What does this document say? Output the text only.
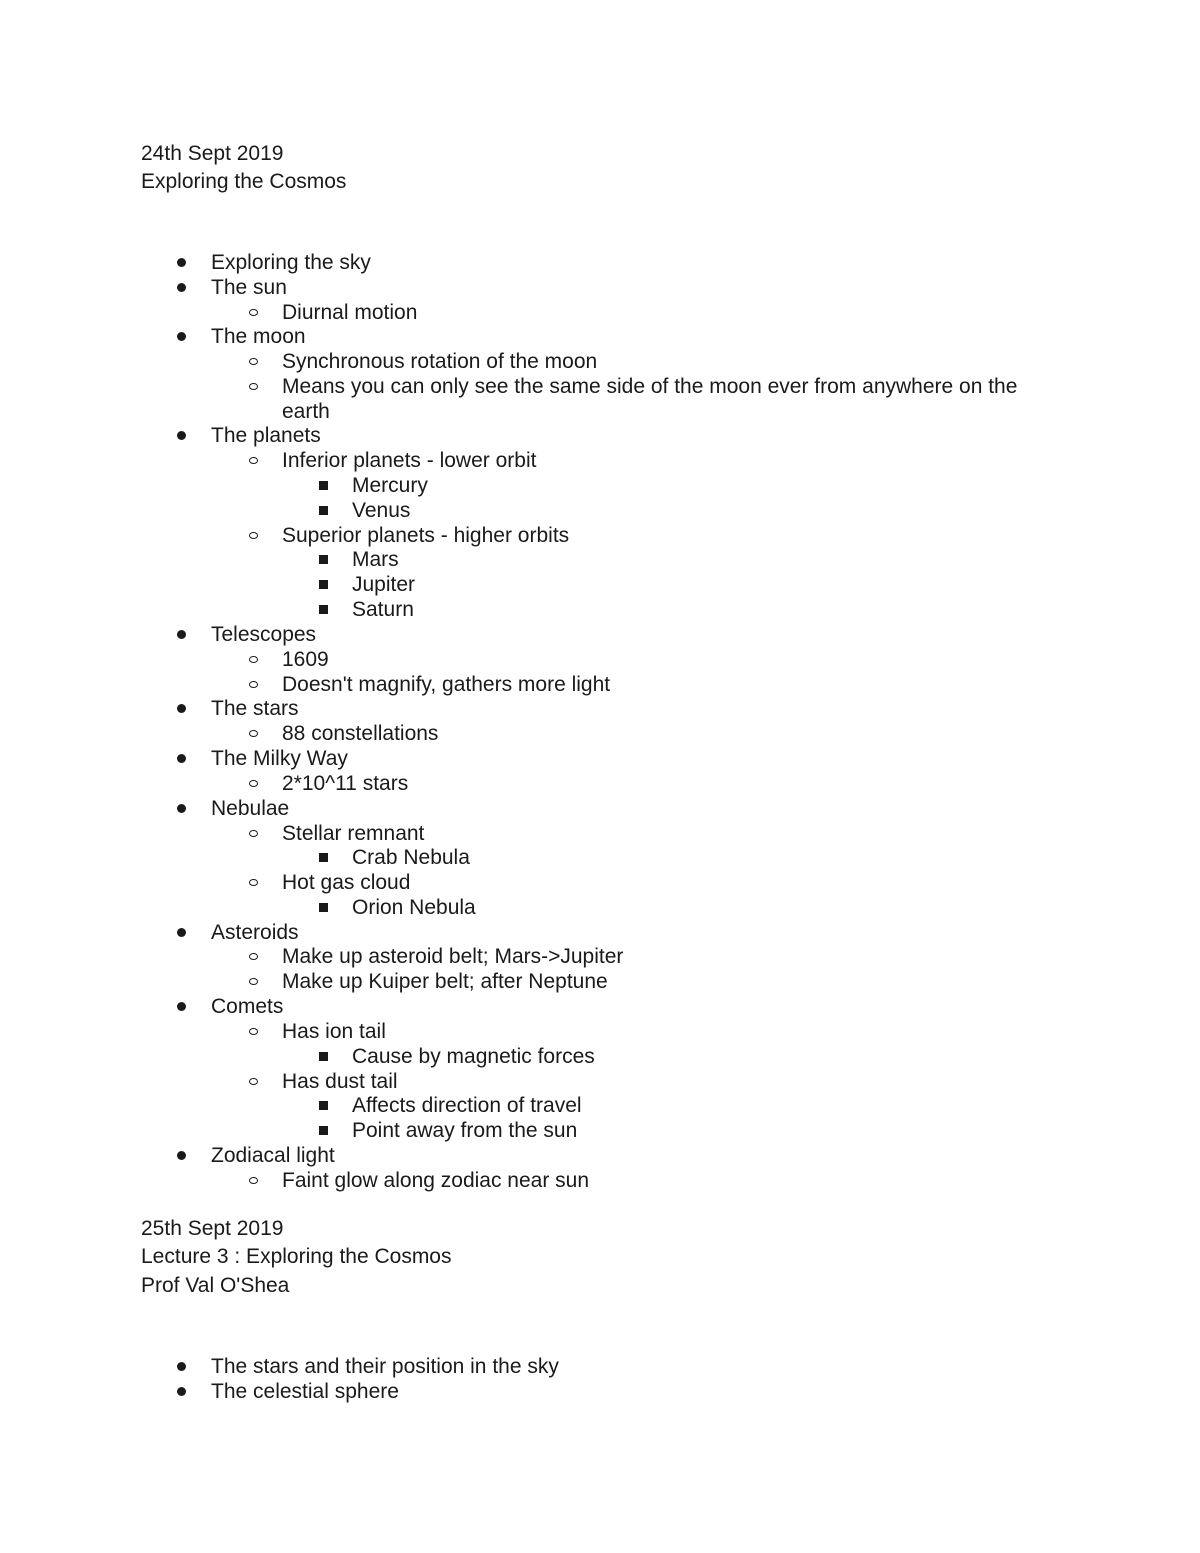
24th Sept 2019
Exploring the Cosmos
Exploring the sky
The sun
Diurnal motion
The moon
Synchronous rotation of the moon
Means you can only see the same side of the moon ever from anywhere on the
earth
The planets
Inferior planets - lower orbit
Mercury
Venus
Superior planets - higher orbits
Mars
Jupiter
Saturn
Telescopes
1609
Doesn't magnify, gathers more light
The stars
88 constellations
The Milky Way
2*10^11 stars
Nebulae
Stellar remnant
Crab Nebula
Hot gas cloud
Orion Nebula
Asteroids
Make up asteroid belt; Mars->Jupiter
Make up Kuiper belt; after Neptune
Comets
Has ion tail
Cause by magnetic forces
Has dust tail
Affects direction of travel
Point away from the sun
Zodiacal light
Faint glow along zodiac near sun
25th Sept 2019
Lecture 3 : Exploring the Cosmos
Prof Val O'Shea
The stars and their position in the sky
The celestial sphere
